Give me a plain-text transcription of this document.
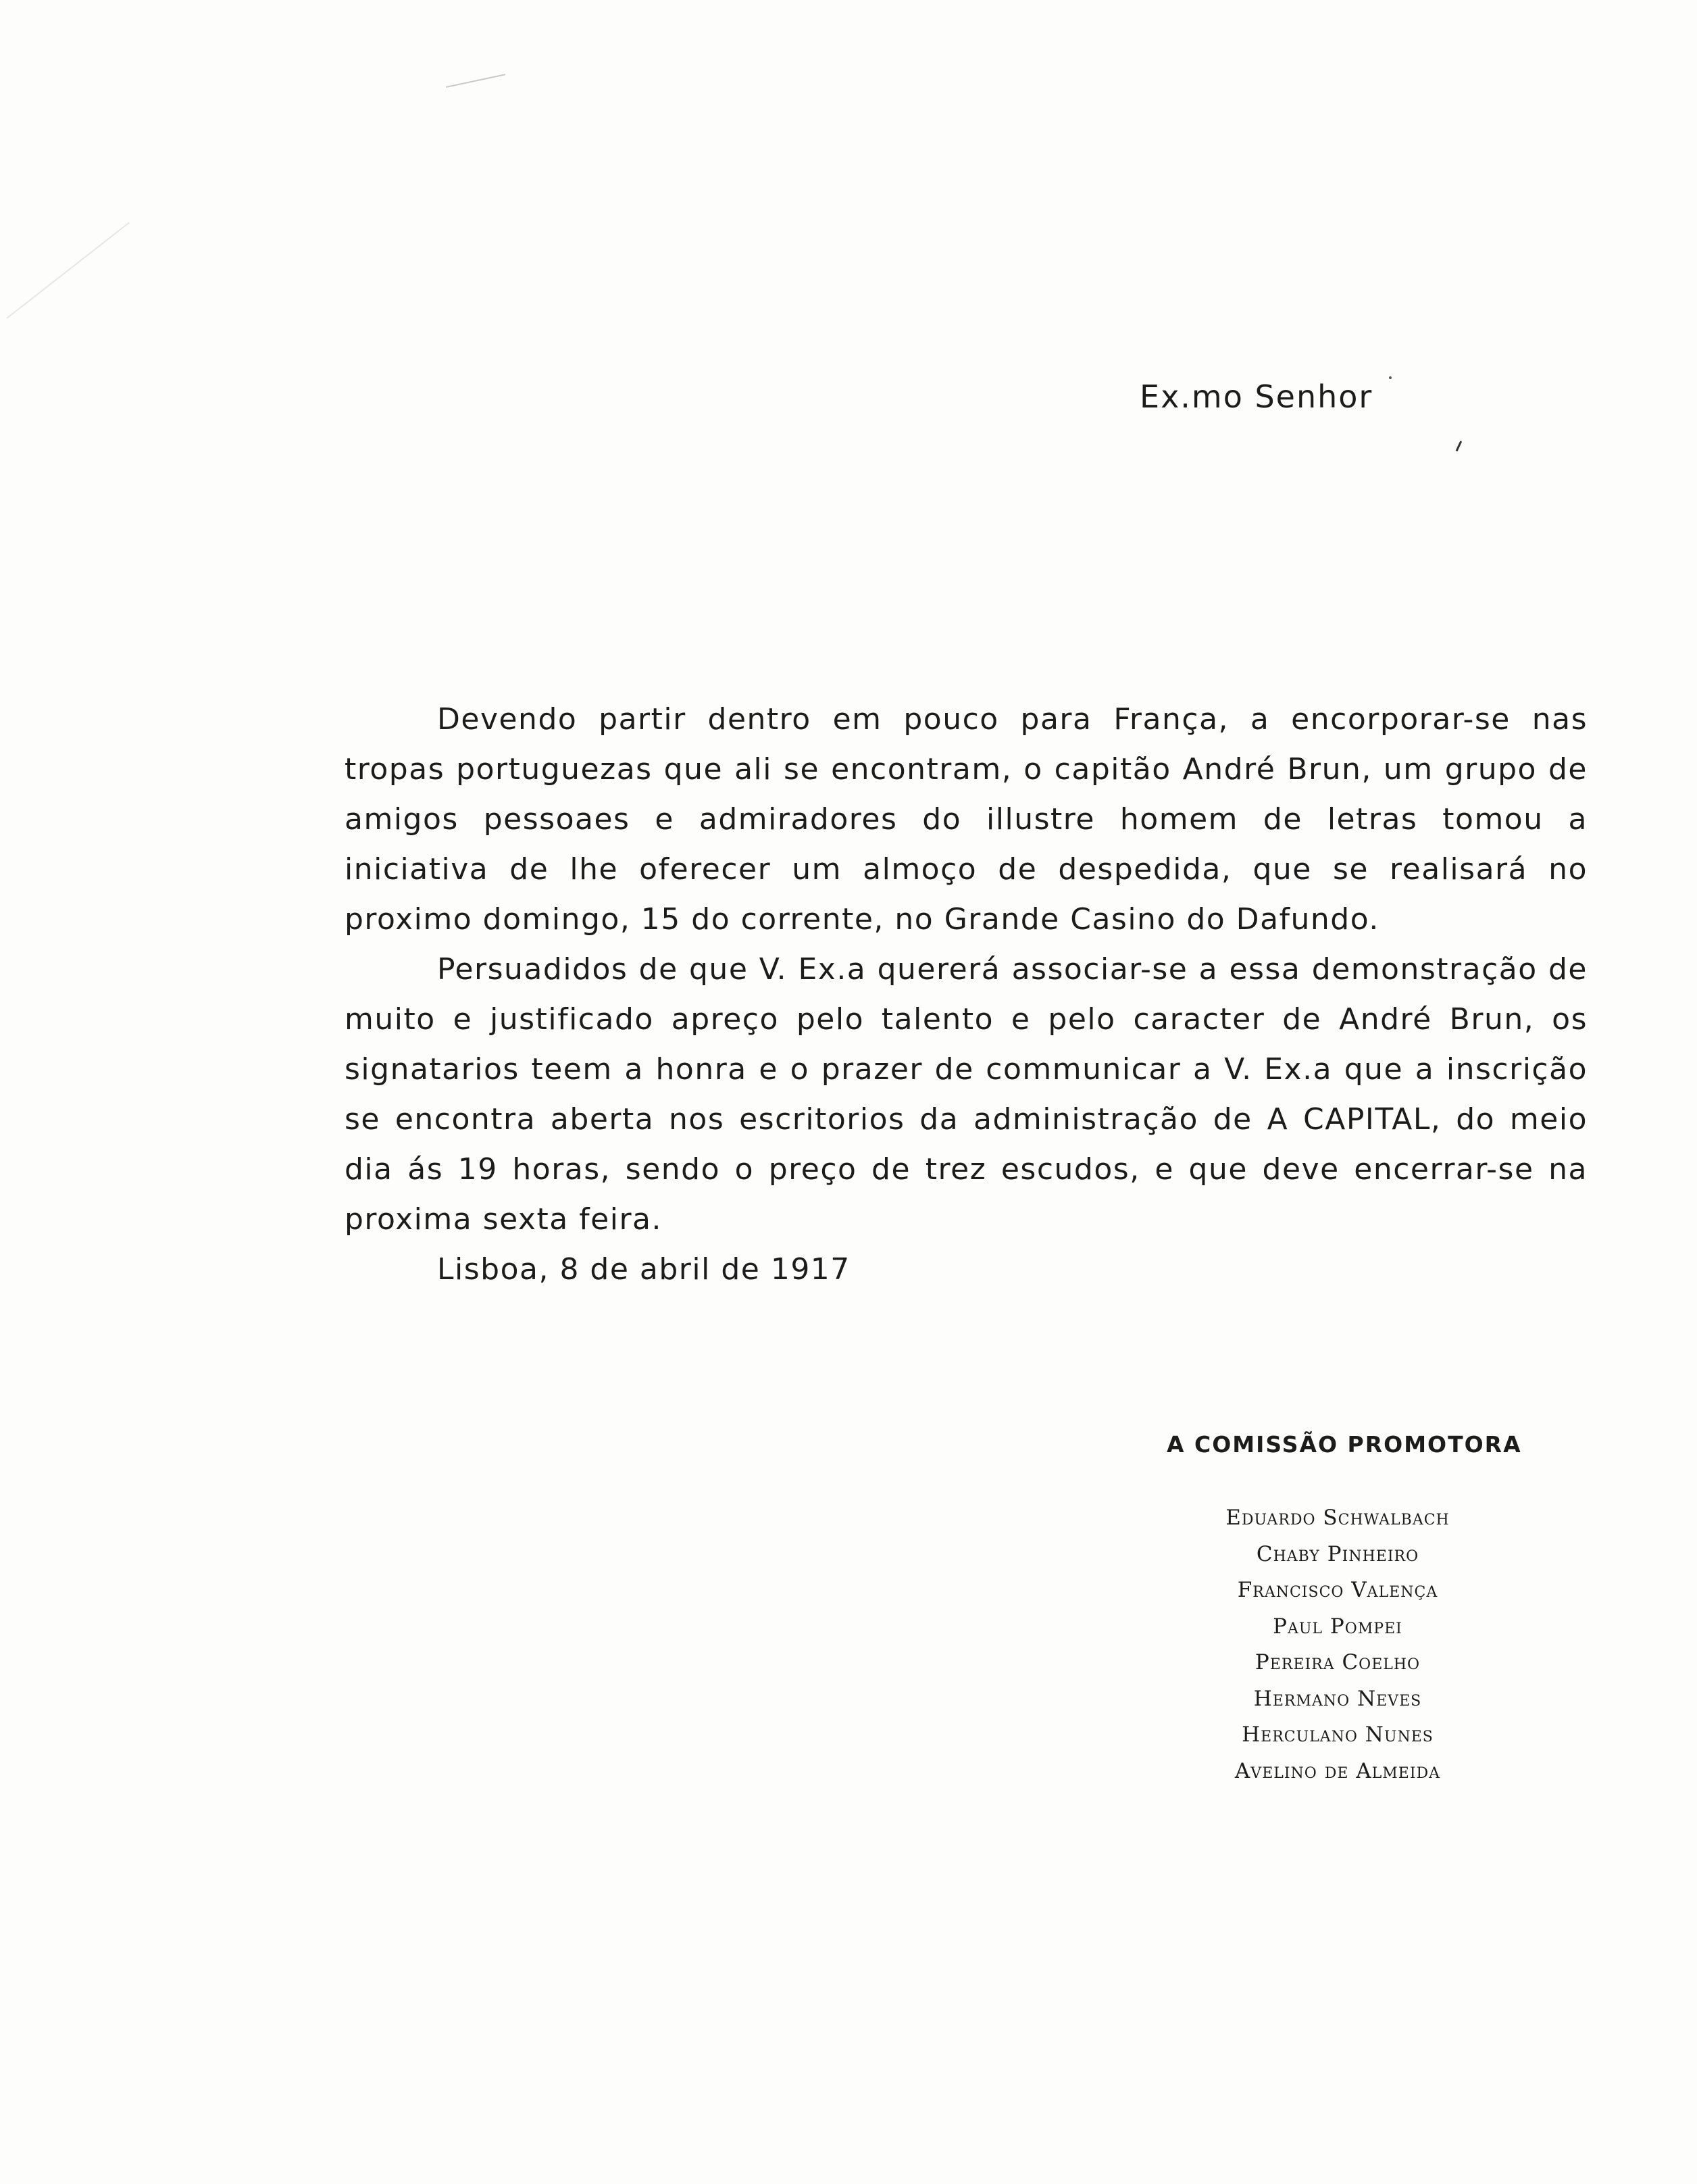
Ex.mo Senhor

Devendo partir dentro em pouco para França, a encorporar-se nas tropas portuguezas que ali se encontram, o capitão André Brun, um grupo de amigos pessoaes e admiradores do illustre homem de letras tomou a iniciativa de lhe oferecer um almoço de despedida, que se realisará no proximo domingo, 15 do corrente, no Grande Casino do Dafundo.

Persuadidos de que V. Ex.a quererá associar-se a essa demonstração de muito e justificado apreço pelo talento e pelo caracter de André Brun, os signatarios teem a honra e o prazer de communicar a V. Ex.a que a inscrição se encontra aberta nos escritorios da administração de A CAPITAL, do meio dia ás 19 horas, sendo o preço de trez escudos, e que deve encerrar-se na proxima sexta feira.

Lisboa, 8 de abril de 1917

A COMISSÃO PROMOTORA
Eduardo Schwalbach
Chaby Pinheiro
Francisco Valença
Paul Pompei
Pereira Coelho
Hermano Neves
Herculano Nunes
Avelino de Almeida
